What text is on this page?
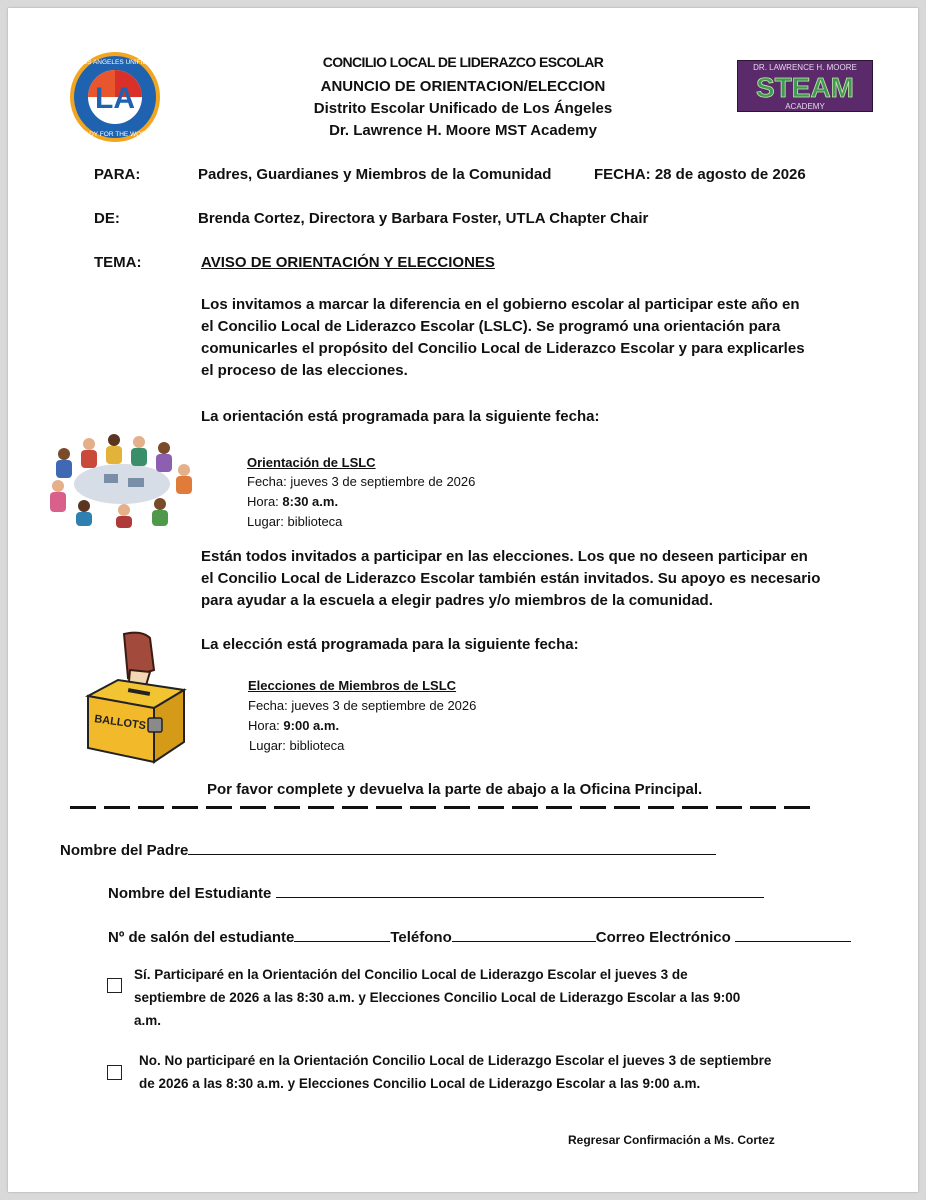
LA
LOS ANGELES UNIFIED
READY FOR THE WORLD
DR. LAWRENCE H. MOORE
STEAM
ACADEMY
CONCILIO LOCAL DE LIDERAZCO ESCOLAR
ANUNCIO DE ORIENTACION/ELECCION
Distrito Escolar Unificado de Los Ángeles
Dr. Lawrence H. Moore MST Academy
PARA:	Padres, Guardianes y Miembros de la Comunidad	FECHA: 28 de agosto de 2026
DE:	Brenda Cortez, Directora y Barbara Foster, UTLA Chapter Chair
TEMA:	AVISO DE ORIENTACIÓN Y ELECCIONES
Los invitamos a marcar la diferencia en el gobierno escolar al participar este año en
el Concilio Local de Liderazco Escolar (LSLC). Se programó una orientación para
comunicarles el propósito del Concilio Local de Liderazco Escolar y para explicarles
el proceso de las elecciones.
La orientación está programada para la siguiente fecha:
Orientación de LSLC
Fecha: jueves 3 de septiembre de 2026
Hora: 8:30 a.m.
Lugar: biblioteca
Están todos invitados a participar en las elecciones. Los que no deseen participar en
el Concilio Local de Liderazco Escolar también están invitados. Su apoyo es necesario
para ayudar a la escuela a elegir padres y/o miembros de la comunidad.
La elección está programada para la siguiente fecha:
BALLOTS
Elecciones de Miembros de LSLC
Fecha: jueves 3 de septiembre de 2026
Hora: 9:00 a.m.
Lugar: biblioteca
Por favor complete y devuelva la parte de abajo a la Oficina Principal.
Nombre del Padre
Nombre del Estudiante
Nº de salón del estudiante	Teléfono	Correo Electrónico
Sí. Participaré en la Orientación del Concilio Local de Liderazgo Escolar el jueves 3 de
septiembre de 2026 a las 8:30 a.m. y Elecciones Concilio Local de Liderazgo Escolar a las 9:00
a.m.
No. No participaré en la Orientación Concilio Local de Liderazgo Escolar el jueves 3 de septiembre
de 2026 a las 8:30 a.m. y Elecciones Concilio Local de Liderazgo Escolar a las 9:00 a.m.
Regresar Confirmación a Ms. Cortez
